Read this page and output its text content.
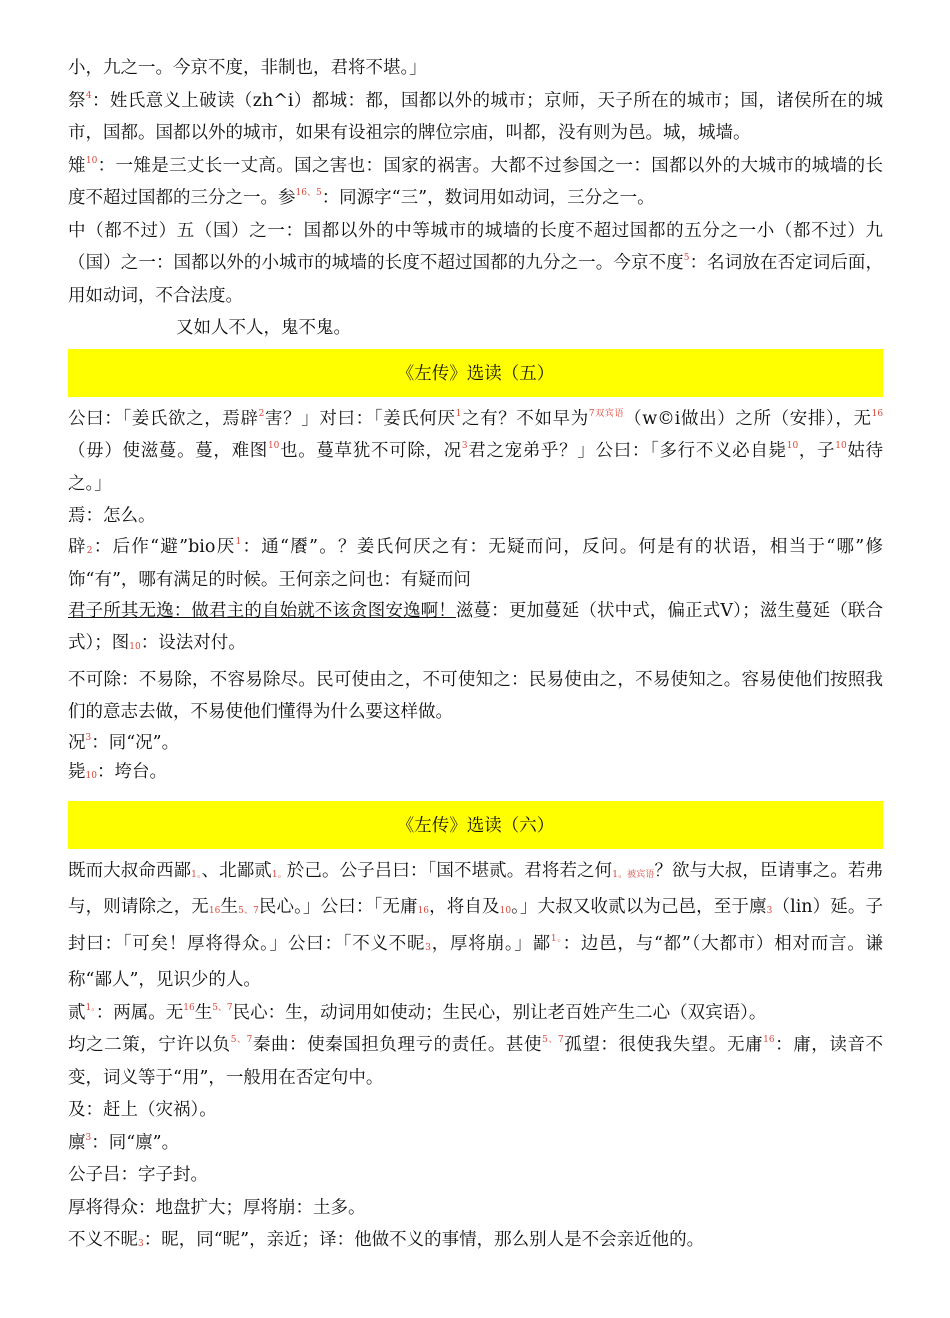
小，九之一。今京不度，非制也，君将不堪。」

祭$^4$：姓氏意义上破读（zh^i）都城：都，国都以外的城市；京师，天子所在的城市；国，诸侯所在的城市，国都。国都以外的城市，如果有设祖宗的牌位宗庙，叫都，没有则为邑。城，城墙。

雉$^{10}$：一雉是三丈长一丈高。国之害也：国家的祸害。大都不过参国之一：国都以外的大城市的城墙的长度不超过国都的三分之一。参$^{16、5}$：同源字“三”，数词用如动词，三分之一。

中（都不过）五（国）之一：国都以外的中等城市的城墙的长度不超过国都的五分之一小（都不过）九（国）之一：国都以外的小城市的城墙的长度不超过国都的九分之一。今京不度$^5$：名词放在否定词后面，用如动词，不合法度。

又如人不人，鬼不鬼。

《左传》选读（五）

公曰：「姜氏欲之，焉辟$^2$害？」对曰：「姜氏何厌$^1$之有？不如早为$^{7双宾语}$（w©i做出）之所（安排），无$^{16}$（毋）使滋蔓。蔓，难图$^{10}$也。蔓草犹不可除，况$^3$君之宠弟乎？」公曰：「多行不义必自毙$^{10}$，子$^{10}$姑待之。」

焉：怎么。

辟2：后作“避”bio厌$^1$：通“餍”。？姜氏何厌之有：无疑而问，反问。何是有的状语，相当于“哪”修饰“有”，哪有满足的时候。王何亲之问也：有疑而问

君子所其无逸：做君主的自始就不该贪图安逸啊！滋蔓：更加蔓延（状中式，偏正式Ⅴ）；滋生蔓延（联合式）；图10：设法对付。

不可除：不易除，不容易除尽。民可使由之，不可使知之：民易使由之，不易使知之。容易使他们按照我们的意志去做，不易使他们懂得为什么要这样做。

况$^3$：同“况”。

毙10：垮台。

《左传》选读（六）

既而大叔命西鄙1。、北鄙贰1。於己。公子吕曰：「国不堪贰。君将若之何1。被宾语？欲与大叔，臣请事之。若弗与，则请除之，无16生5、7民心。」公曰：「无庸16，将自及10。」大叔又收贰以为己邑，至于廪3（lin）延。子封曰：「可矣！厚将得众。」公曰：「不义不昵3，厚将崩。」鄙$^{1。}$：边邑，与“都”（大都市）相对而言。谦称“鄙人”，见识少的人。

贰$^{1。}$：两属。无$^{16}$生$^{5、7}$民心：生，动词用如使动；生民心，别让老百姓产生二心（双宾语）。

均之二策，宁许以负$^{5、7}$秦曲：使秦国担负理亏的责任。甚使$^{5、7}$孤望：很使我失望。无庸$^{16}$：庸，读音不变，词义等于“用”，一般用在否定句中。

及：赶上（灾祸）。

廪$^3$：同“廪”。

公子吕：字子封。

厚将得众：地盘扩大；厚将崩：土多。

不义不昵3：昵，同“昵”，亲近；译：他做不义的事情，那么别人是不会亲近他的。
